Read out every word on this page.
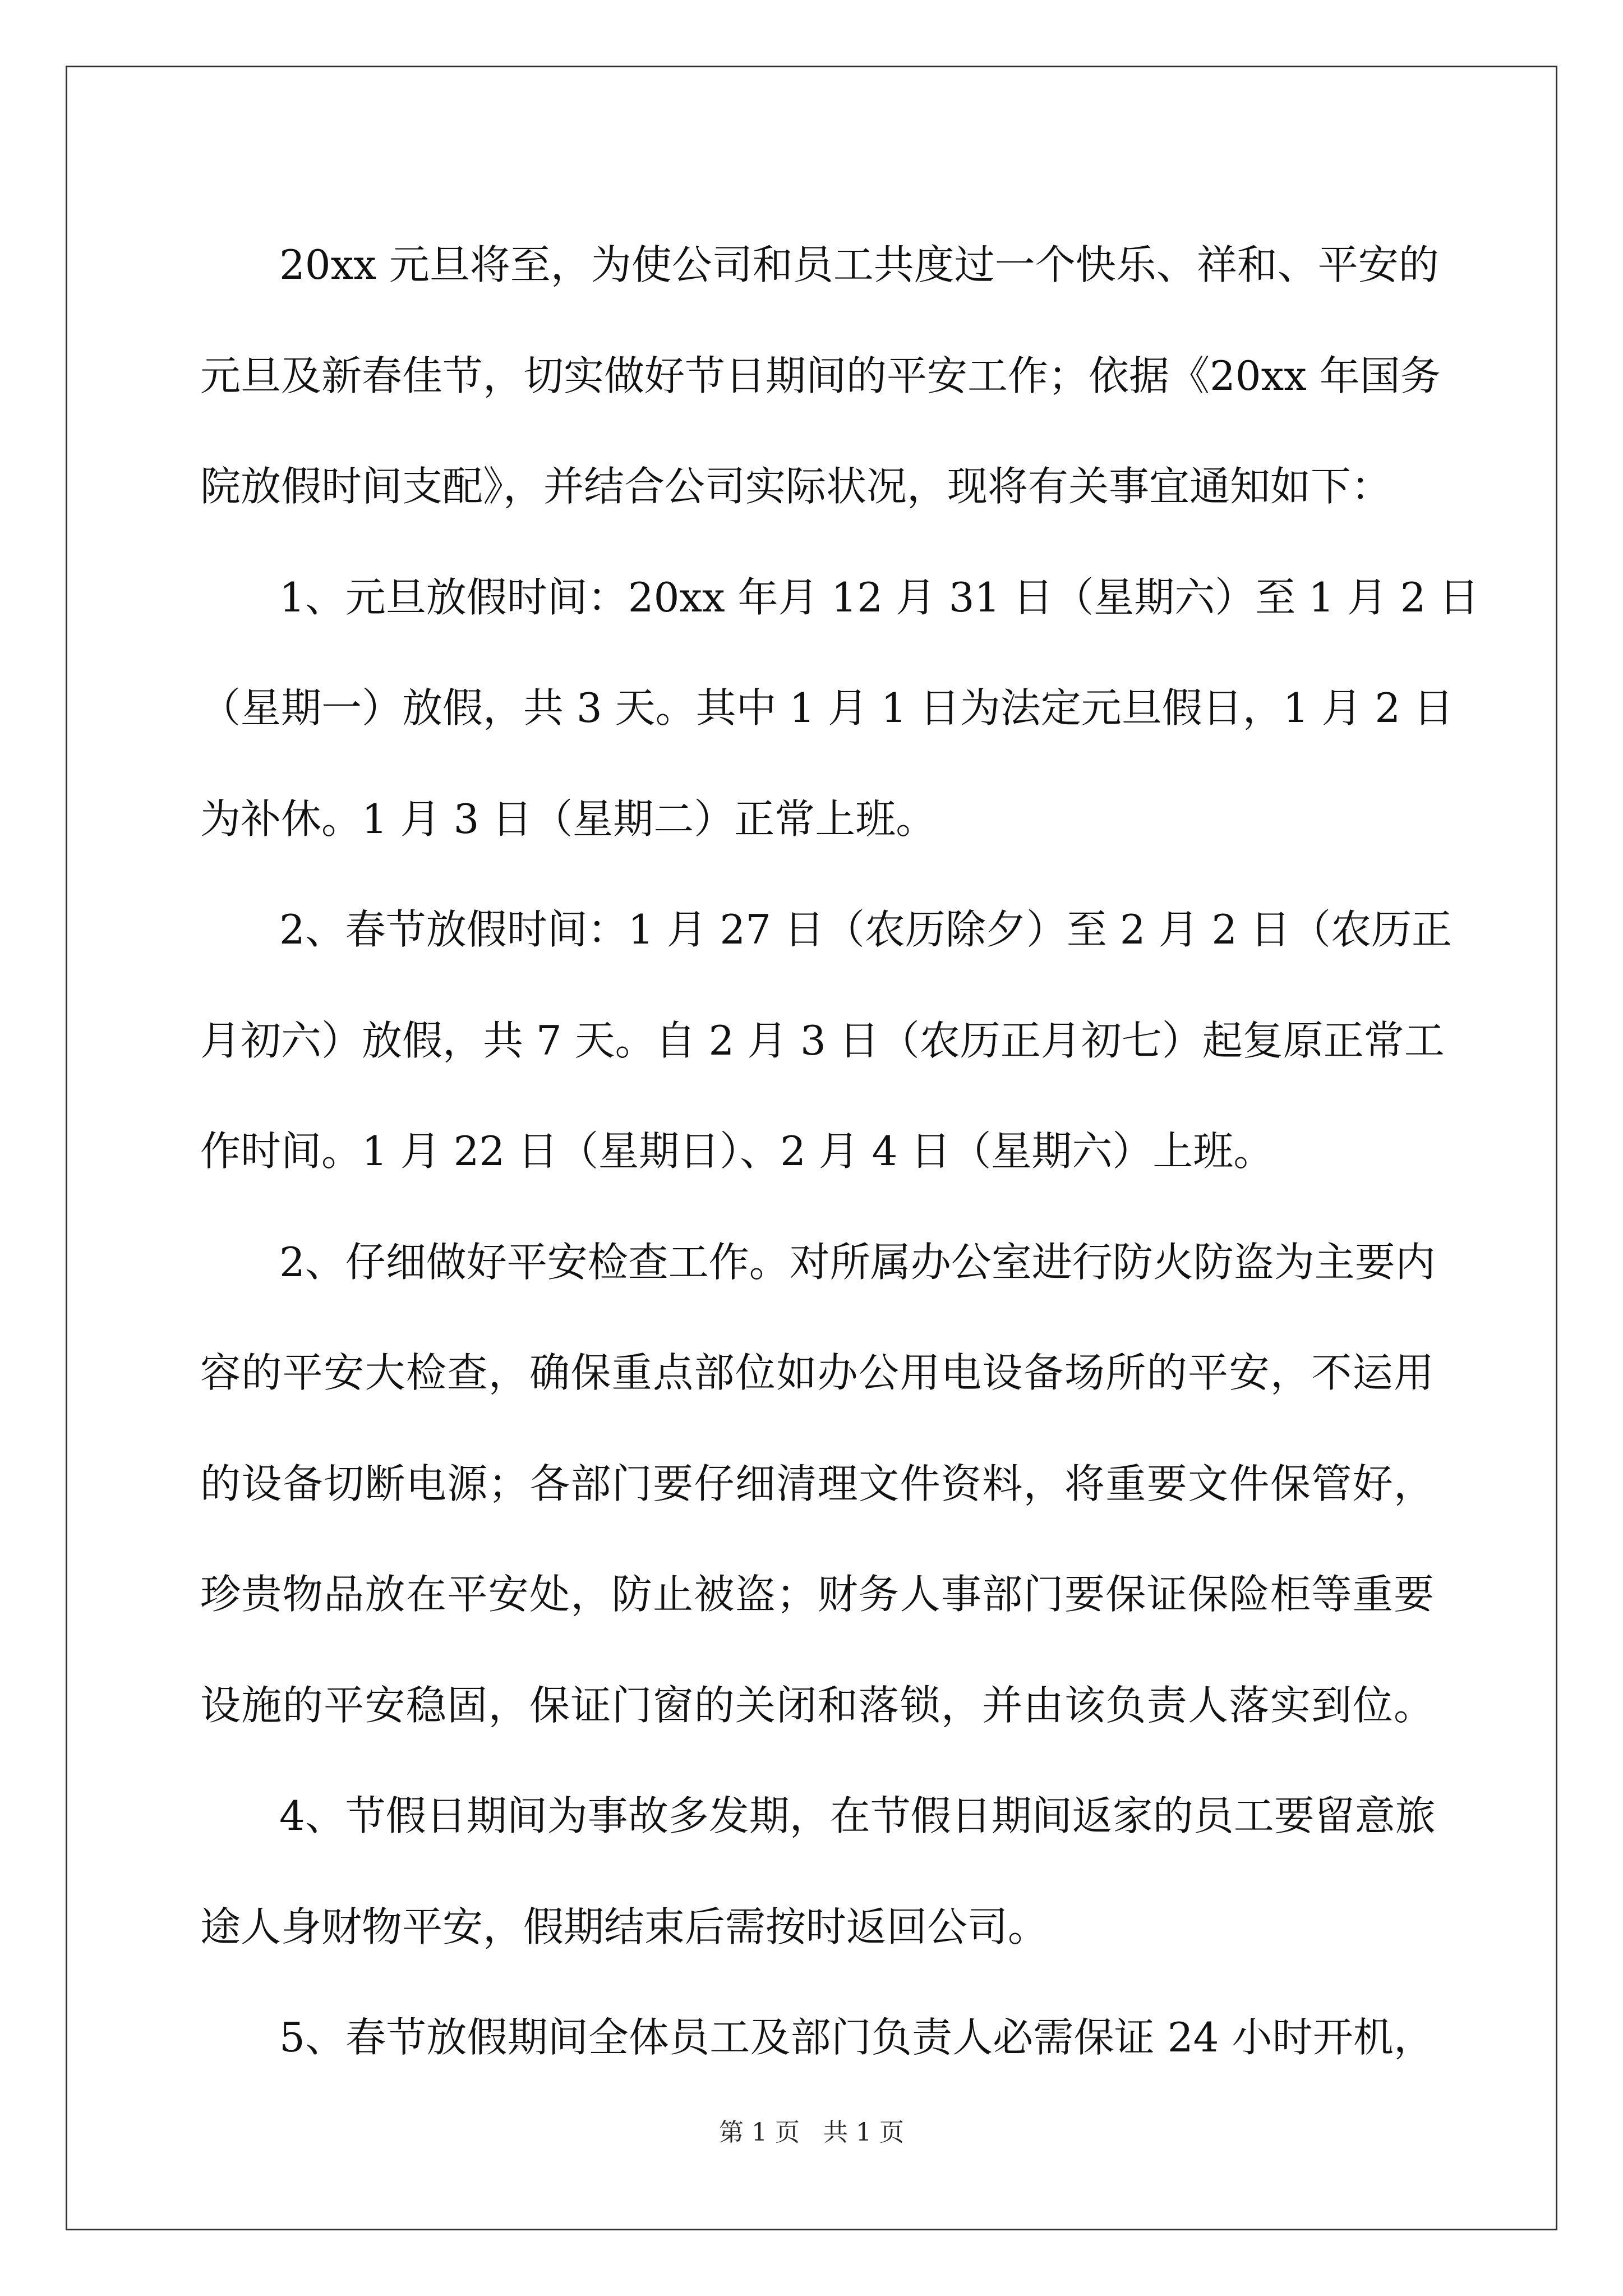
20xx 元旦将至，为使公司和员工共度过一个快乐、祥和、平安的
元旦及新春佳节，切实做好节日期间的平安工作；依据《20xx 年国务
院放假时间支配》，并结合公司实际状况，现将有关事宜通知如下：
1、元旦放假时间：20xx 年月 12 月 31 日（星期六）至 1 月 2 日
（星期一）放假，共 3 天。其中 1 月 1 日为法定元旦假日，1 月 2 日
为补休。1 月 3 日（星期二）正常上班。
2、春节放假时间：1 月 27 日（农历除夕）至 2 月 2 日（农历正
月初六）放假，共 7 天。自 2 月 3 日（农历正月初七）起复原正常工
作时间。1 月 22 日（星期日）、2 月 4 日（星期六）上班。
2、仔细做好平安检查工作。对所属办公室进行防火防盗为主要内
容的平安大检查，确保重点部位如办公用电设备场所的平安，不运用
的设备切断电源；各部门要仔细清理文件资料，将重要文件保管好，
珍贵物品放在平安处，防止被盗；财务人事部门要保证保险柜等重要
设施的平安稳固，保证门窗的关闭和落锁，并由该负责人落实到位。
4、节假日期间为事故多发期，在节假日期间返家的员工要留意旅
途人身财物平安，假期结束后需按时返回公司。
5、春节放假期间全体员工及部门负责人必需保证 24 小时开机，
第 1 页   共 1 页
